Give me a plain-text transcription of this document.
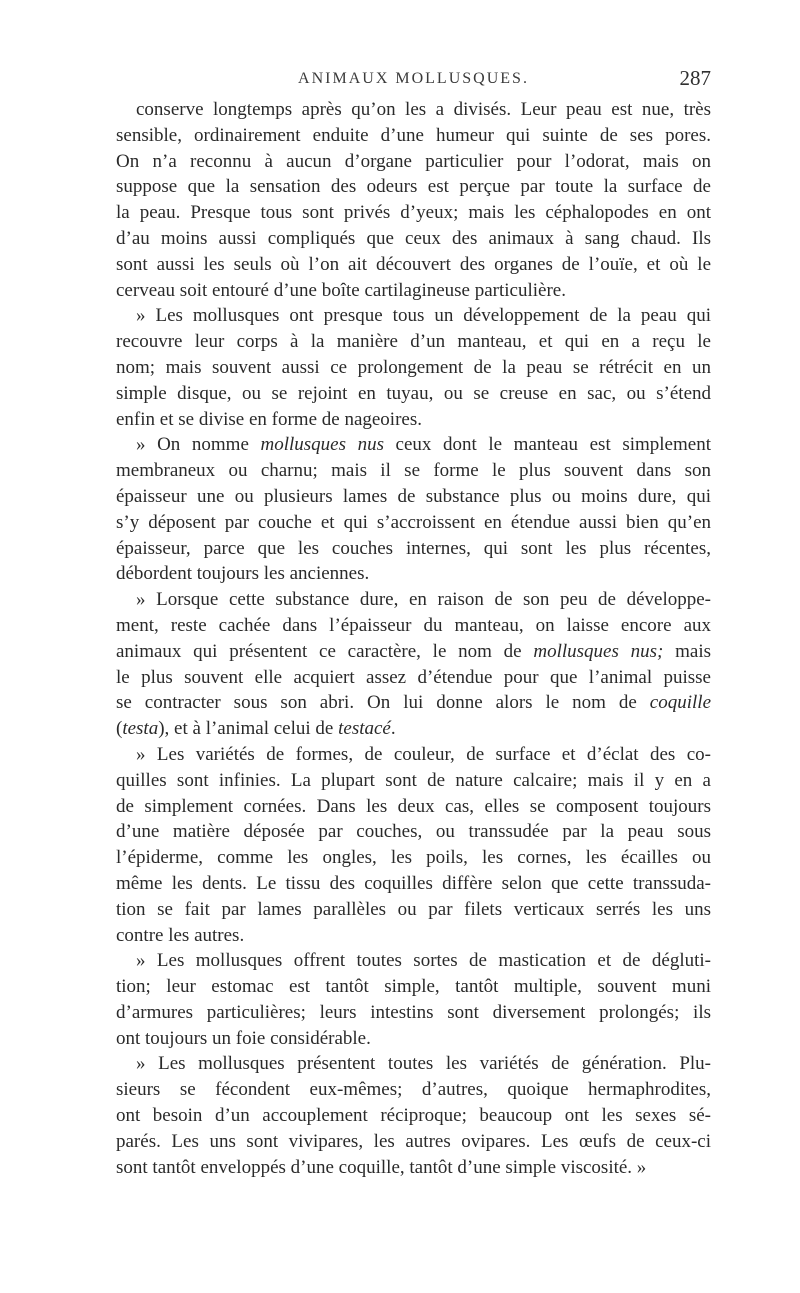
ANIMAUX MOLLUSQUES.	287
conserve longtemps après qu’on les a divisés. Leur peau est nue, très
sensible, ordinairement enduite d’une humeur qui suinte de ses pores.
On n’a reconnu à aucun d’organe particulier pour l’odorat, mais on
suppose que la sensation des odeurs est perçue par toute la surface de
la peau. Presque tous sont privés d’yeux; mais les céphalopodes en ont
d’au moins aussi compliqués que ceux des animaux à sang chaud. Ils
sont aussi les seuls où l’on ait découvert des organes de l’ouïe, et où le
cerveau soit entouré d’une boîte cartilagineuse particulière.
» Les mollusques ont presque tous un développement de la peau qui
recouvre leur corps à la manière d’un manteau, et qui en a reçu le
nom; mais souvent aussi ce prolongement de la peau se rétrécit en un
simple disque, ou se rejoint en tuyau, ou se creuse en sac, ou s’étend
enfin et se divise en forme de nageoires.
» On nomme mollusques nus ceux dont le manteau est simplement
membraneux ou charnu; mais il se forme le plus souvent dans son
épaisseur une ou plusieurs lames de substance plus ou moins dure, qui
s’y déposent par couche et qui s’accroissent en étendue aussi bien qu’en
épaisseur, parce que les couches internes, qui sont les plus récentes,
débordent toujours les anciennes.
» Lorsque cette substance dure, en raison de son peu de développe-
ment, reste cachée dans l’épaisseur du manteau, on laisse encore aux
animaux qui présentent ce caractère, le nom de mollusques nus; mais
le plus souvent elle acquiert assez d’étendue pour que l’animal puisse
se contracter sous son abri. On lui donne alors le nom de coquille
(testa), et à l’animal celui de testacé.
» Les variétés de formes, de couleur, de surface et d’éclat des co-
quilles sont infinies. La plupart sont de nature calcaire; mais il y en a
de simplement cornées. Dans les deux cas, elles se composent toujours
d’une matière déposée par couches, ou transsudée par la peau sous
l’épiderme, comme les ongles, les poils, les cornes, les écailles ou
même les dents. Le tissu des coquilles diffère selon que cette transsuda-
tion se fait par lames parallèles ou par filets verticaux serrés les uns
contre les autres.
» Les mollusques offrent toutes sortes de mastication et de dégluti-
tion; leur estomac est tantôt simple, tantôt multiple, souvent muni
d’armures particulières; leurs intestins sont diversement prolongés; ils
ont toujours un foie considérable.
» Les mollusques présentent toutes les variétés de génération. Plu-
sieurs se fécondent eux-mêmes; d’autres, quoique hermaphrodites,
ont besoin d’un accouplement réciproque; beaucoup ont les sexes sé-
parés. Les uns sont vivipares, les autres ovipares. Les œufs de ceux-ci
sont tantôt enveloppés d’une coquille, tantôt d’une simple viscosité. »
